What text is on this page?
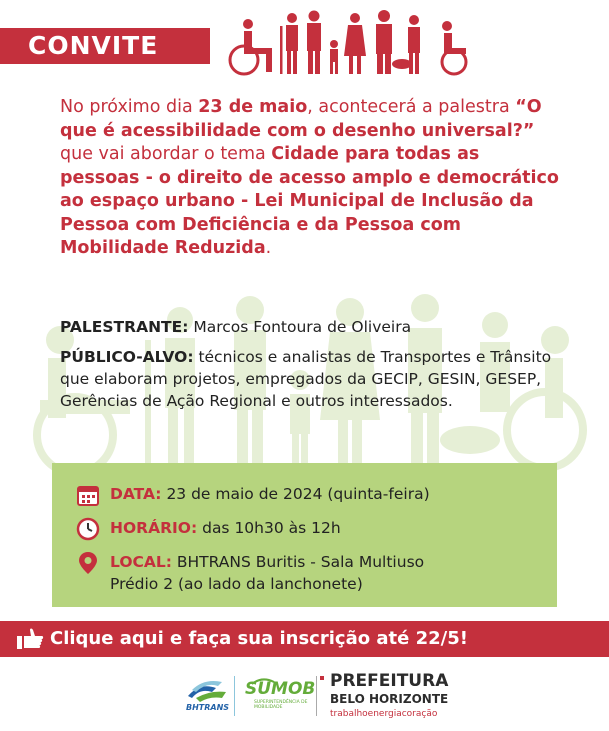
CONVITE
No próximo dia 23 de maio, acontecerá a palestra “O que é acessibilidade com o desenho universal?” que vai abordar o tema Cidade para todas as pessoas - o direito de acesso amplo e democrático ao espaço urbano - Lei Municipal de Inclusão da Pessoa com Deficiência e da Pessoa com Mobilidade Reduzida.
PALESTRANTE: Marcos Fontoura de Oliveira
PÚBLICO-ALVO: técnicos e analistas de Transportes e Trânsito que elaboram projetos, empregados da GECIP, GESIN, GESEP, Gerências de Ação Regional e outros interessados.
DATA: 23 de maio de 2024 (quinta-feira)
HORÁRIO: das 10h30 às 12h
LOCAL: BHTRANS Buritis - Sala Multiuso
Prédio 2 (ao lado da lanchonete)
Clique aqui e faça sua inscrição até 22/5!
BHTRANS
SUMOB
SUPERINTENDÊNCIA DE MOBILIDADE
PREFEITURA
BELO HORIZONTE
trabalhoenergiacoração
